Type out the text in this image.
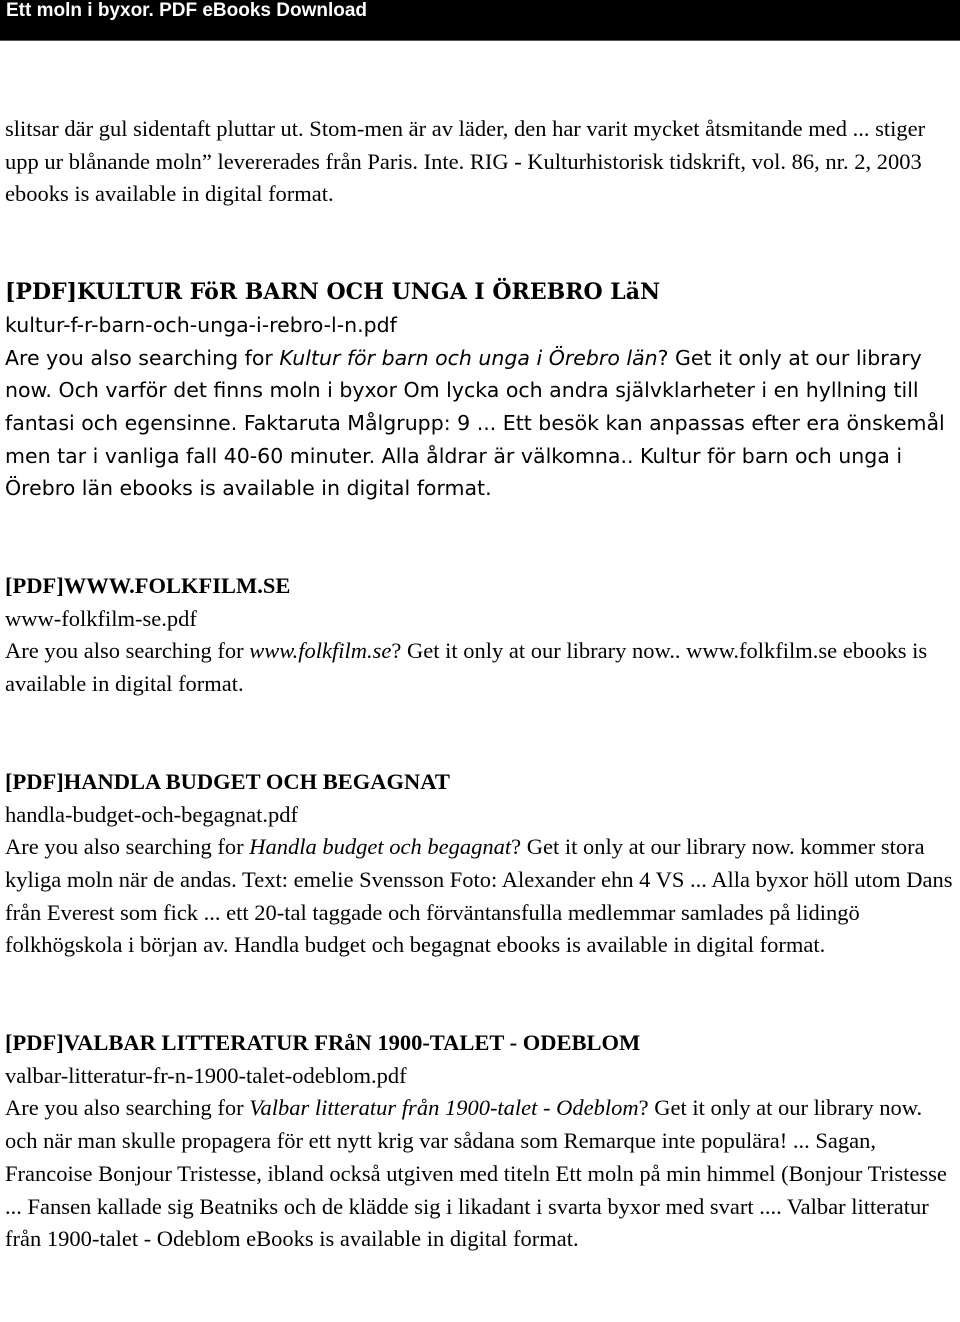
Ett moln i byxor. PDF eBooks Download
slitsar där gul sidentaft pluttar ut. Stom-men är av läder, den har varit mycket åtsmitande med ... stiger upp ur blånande moln” levererades från Paris. Inte. RIG - Kulturhistorisk tidskrift, vol. 86, nr. 2, 2003 ebooks is available in digital format.
[PDF]KULTUR FöR BARN OCH UNGA I ÖREBRO LäN
kultur-f-r-barn-och-unga-i-rebro-l-n.pdf
Are you also searching for Kultur för barn och unga i Örebro län? Get it only at our library now. Och varför det finns moln i byxor Om lycka och andra självklarheter i en hyllning till fantasi och egensinne. Faktaruta Målgrupp: 9 ... Ett besök kan anpassas efter era önskemål men tar i vanliga fall 40-60 minuter. Alla åldrar är välkomna.. Kultur för barn och unga i Örebro län ebooks is available in digital format.
[PDF]WWW.FOLKFILM.SE
www-folkfilm-se.pdf
Are you also searching for www.folkfilm.se? Get it only at our library now.. www.folkfilm.se ebooks is available in digital format.
[PDF]HANDLA BUDGET OCH BEGAGNAT
handla-budget-och-begagnat.pdf
Are you also searching for Handla budget och begagnat? Get it only at our library now. kommer stora kyliga moln när de andas. Text: emelie Svensson Foto: Alexander ehn 4 VS ... Alla byxor höll utom Dans från Everest som fick ... ett 20-tal taggade och förväntansfulla medlemmar samlades på lidingö folkhögskola i början av. Handla budget och begagnat ebooks is available in digital format.
[PDF]VALBAR LITTERATUR FRåN 1900-TALET - ODEBLOM
valbar-litteratur-fr-n-1900-talet-odeblom.pdf
Are you also searching for Valbar litteratur från 1900-talet - Odeblom? Get it only at our library now. och när man skulle propagera för ett nytt krig var sådana som Remarque inte populära! ... Sagan, Francoise Bonjour Tristesse, ibland också utgiven med titeln Ett moln på min himmel (Bonjour Tristesse ... Fansen kallade sig Beatniks och de klädde sig i likadant i svarta byxor med svart .... Valbar litteratur från 1900-talet - Odeblom eBooks is available in digital format.
